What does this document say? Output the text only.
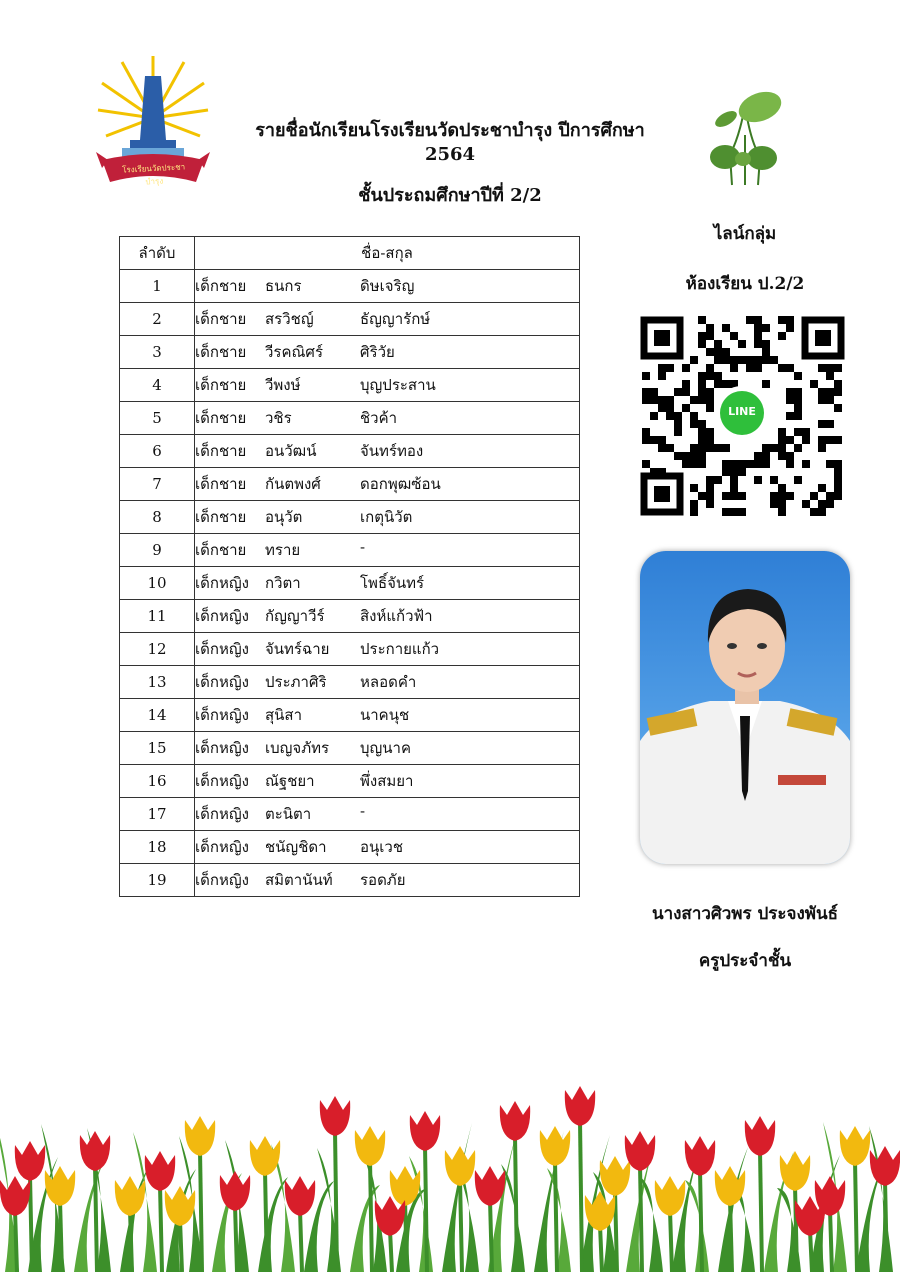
โรงเรียนวัดประชาบำรุง
รายชื่อนักเรียนโรงเรียนวัดประชาบำรุง ปีการศึกษา 2564
ชั้นประถมศึกษาปีที่ 2/2
ไลน์กลุ่ม
ห้องเรียน ป.2/2
LINE
นางสาวศิวพร ประจงพันธ์
ครูประจำชั้น
ลำดับ	ชื่อ-สกุล
1	เด็กชาย ธนกร ดิษเจริญ

2	เด็กชาย สรวิชญ์ ธัญญารักษ์

3	เด็กชาย วีรคณิศร์ ศิริวัย

4	เด็กชาย วีพงษ์ บุญประสาน

5	เด็กชาย วชิร ชิวค้า

6	เด็กชาย อนวัฒน์ จันทร์ทอง

7	เด็กชาย กันตพงศ์ ดอกพุฒซ้อน

8	เด็กชาย อนุวัต เกตุนิวัต

9	เด็กชาย ทราย -

10	เด็กหญิง กวิตา โพธิ์จันทร์

11	เด็กหญิง กัญญาวีร์ สิงห์แก้วฟ้า

12	เด็กหญิง จันทร์ฉาย ประกายแก้ว

13	เด็กหญิง ประภาศิริ หลอดคำ

14	เด็กหญิง สุนิสา นาคนุช

15	เด็กหญิง เบญจภัทร บุญนาค

16	เด็กหญิง ณัฐชยา พึ่งสมยา

17	เด็กหญิง ตะนิตา -

18	เด็กหญิง ชนัญชิดา อนุเวช

19	เด็กหญิง สมิตานันท์ รอดภัย
